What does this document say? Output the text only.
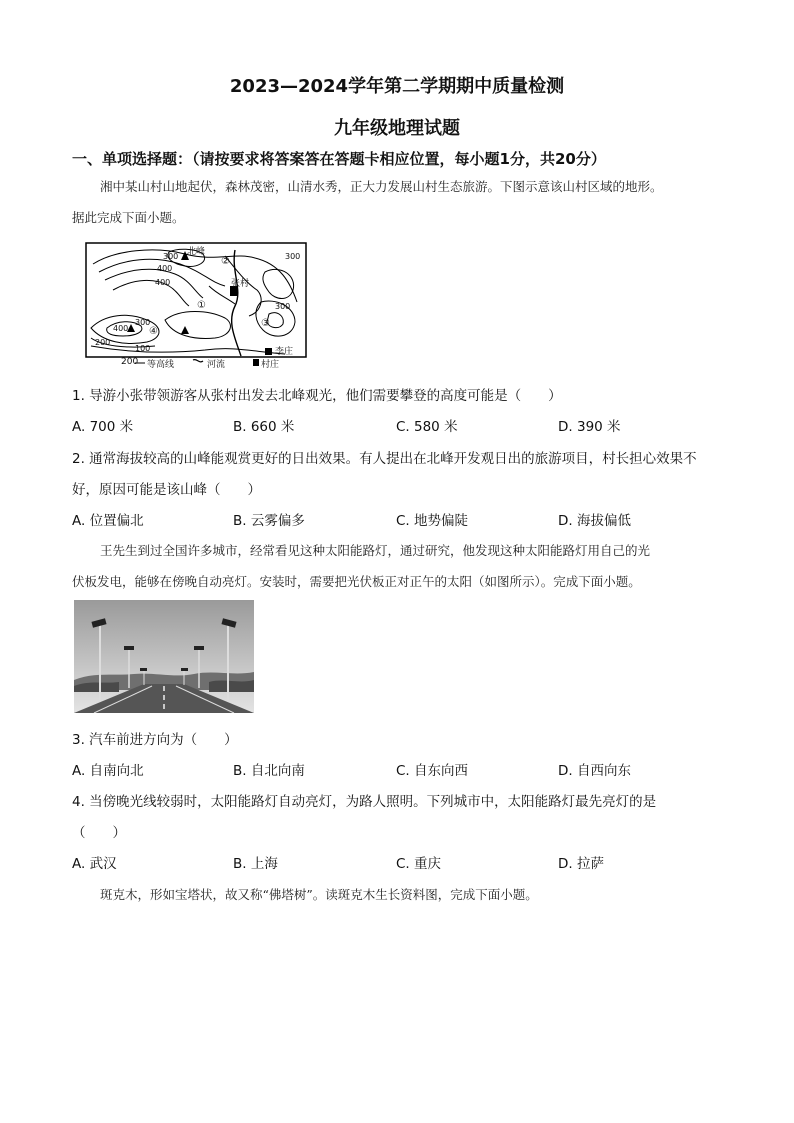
2023—2024学年第二学期期中质量检测
九年级地理试题
一、单项选择题：（请按要求将答案答在答题卡相应位置，每小题1分，共20分）
湘中某山村山地起伏，森林茂密，山清水秀，正大力发展山村生态旅游。下图示意该山村区域的地形。
据此完成下面小题。
北峰
张村
李庄
300
400
300
400
300
400
300
200
100
①
②
③
④
200 等高线	河流	村庄
1. 导游小张带领游客从张村出发去北峰观光，他们需要攀登的高度可能是（　　）
A. 700 米	B. 660 米	C. 580 米	D. 390 米
2. 通常海拔较高的山峰能观赏更好的日出效果。有人提出在北峰开发观日出的旅游项目，村长担心效果不
好，原因可能是该山峰（　　）
A. 位置偏北	B. 云雾偏多	C. 地势偏陡	D. 海拔偏低
王先生到过全国许多城市，经常看见这种太阳能路灯，通过研究，他发现这种太阳能路灯用自己的光
伏板发电，能够在傍晚自动亮灯。安装时，需要把光伏板正对正午的太阳（如图所示）。完成下面小题。
3. 汽车前进方向为（　　）
A. 自南向北	B. 自北向南	C. 自东向西	D. 自西向东
4. 当傍晚光线较弱时，太阳能路灯自动亮灯，为路人照明。下列城市中，太阳能路灯最先亮灯的是
（　　）
A. 武汉	B. 上海	C. 重庆	D. 拉萨
斑克木，形如宝塔状，故又称“佛塔树”。读斑克木生长资料图，完成下面小题。
